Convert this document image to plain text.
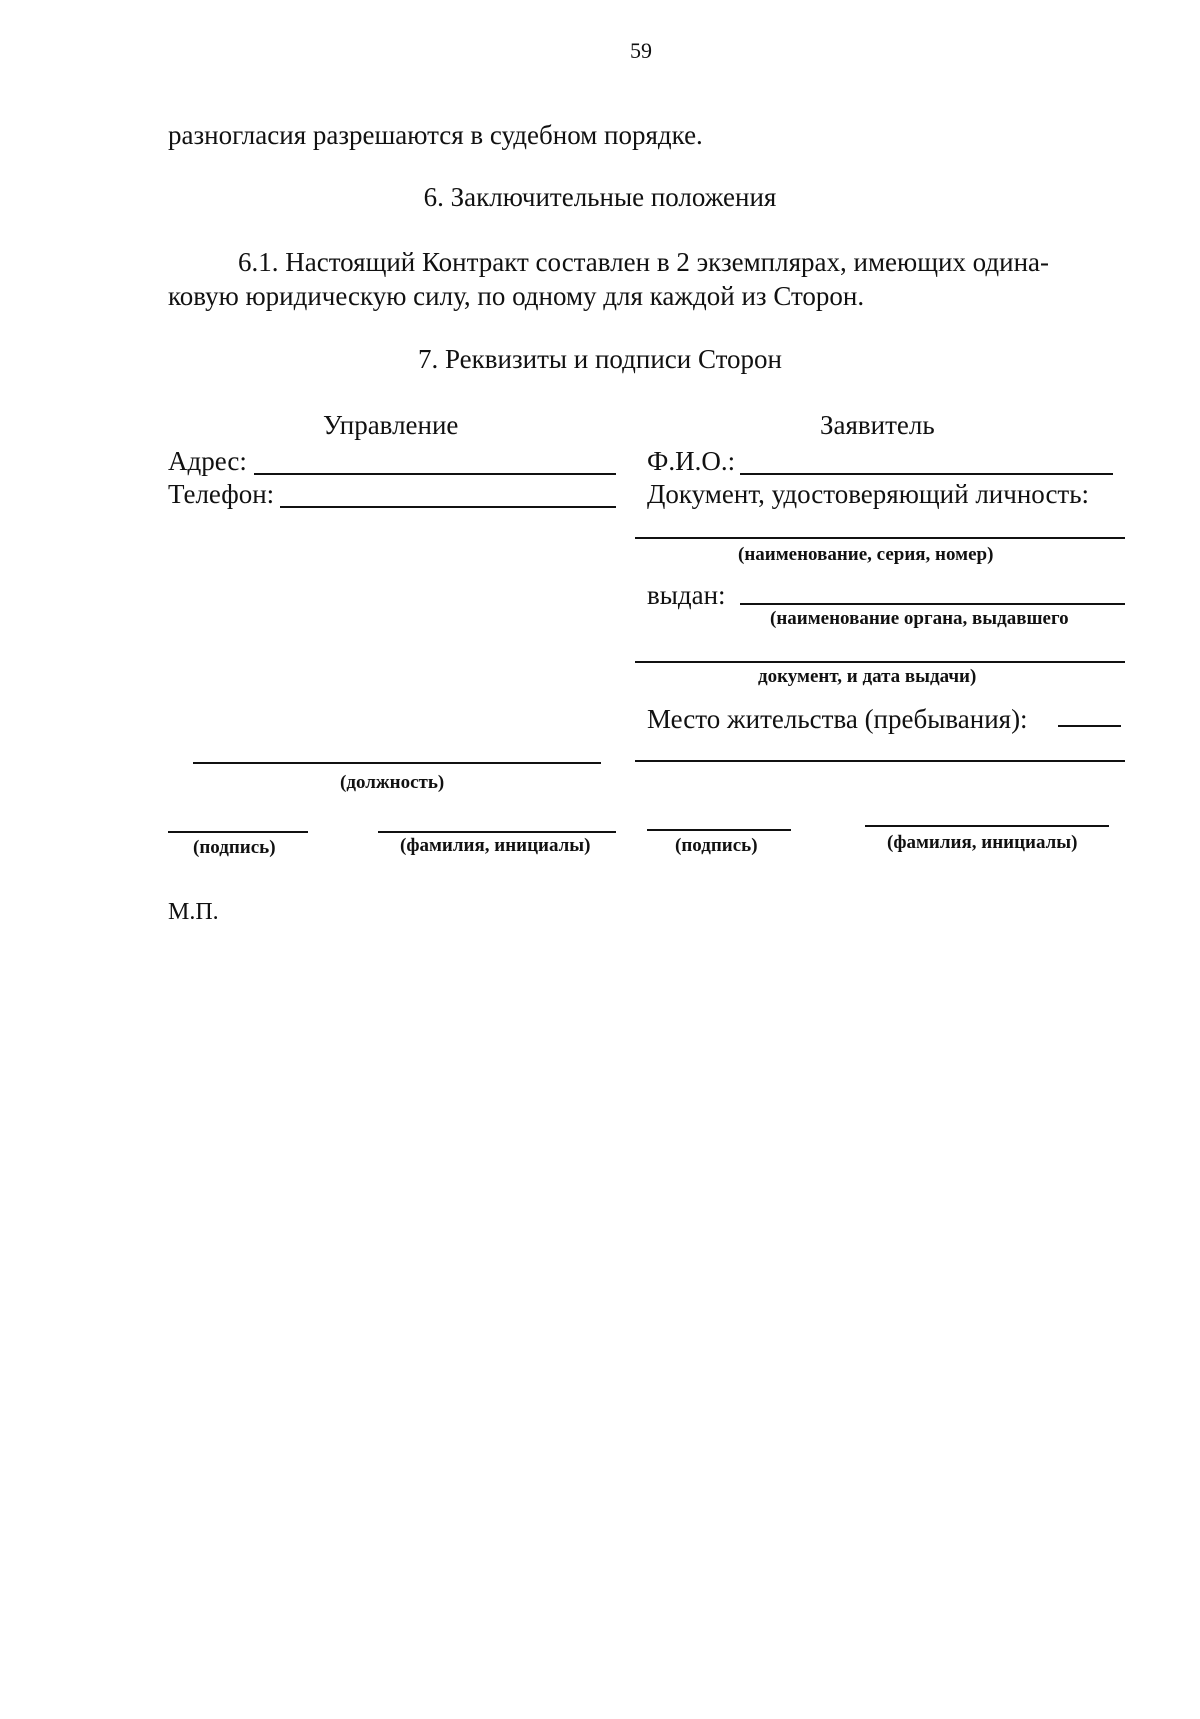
59
разногласия разрешаются в судебном порядке.
6. Заключительные положения
6.1. Настоящий Контракт составлен в 2 экземплярах, имеющих одина-
ковую юридическую силу, по одному для каждой из Сторон.
7. Реквизиты и подписи Сторон
Управление
Адрес:
Телефон:
Заявитель
Ф.И.О.:
Документ, удостоверяющий личность:
(наименование, серия, номер)
выдан:
(наименование органа, выдавшего
документ, и дата выдачи)
Место жительства (пребывания):
(должность)
(подпись)	(фамилия, инициалы)	(подпись)	(фамилия, инициалы)
М.П.
